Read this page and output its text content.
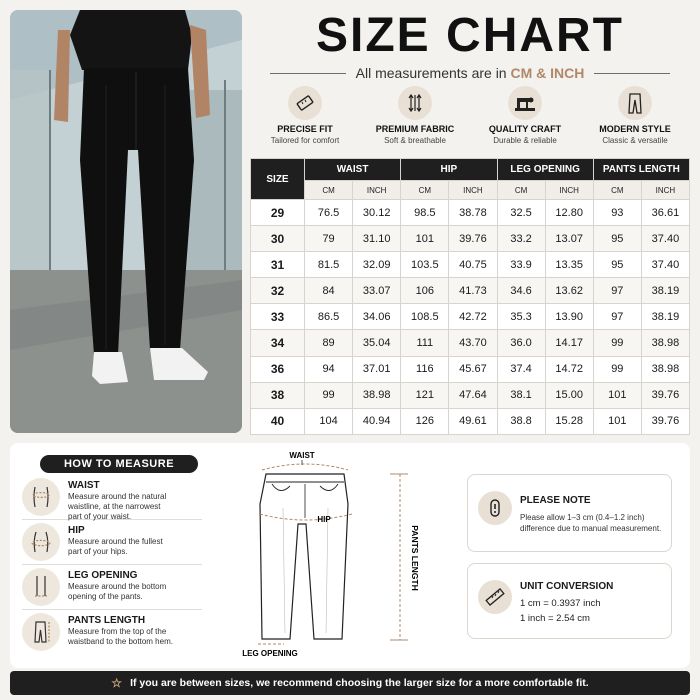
SIZE CHART
All measurements are in CM & INCH
PRECISE FIT
Tailored for comfort
PREMIUM FABRIC
Soft & breathable
QUALITY CRAFT
Durable & reliable
MODERN STYLE
Classic & versatile
SIZE	WAIST		HIP		LEG OPENING		PANTS LENGTH	
	CM	INCH	CM	INCH	CM	INCH	CM	INCH
29	76.5	30.12	98.5	38.78	32.5	12.80	93	36.61
30	79	31.10	101	39.76	33.2	13.07	95	37.40
31	81.5	32.09	103.5	40.75	33.9	13.35	95	37.40
32	84	33.07	106	41.73	34.6	13.62	97	38.19
33	86.5	34.06	108.5	42.72	35.3	13.90	97	38.19
34	89	35.04	111	43.70	36.0	14.17	99	38.98
36	94	37.01	116	45.67	37.4	14.72	99	38.98
38	99	38.98	121	47.64	38.1	15.00	101	39.76
40	104	40.94	126	49.61	38.8	15.28	101	39.76
HOW TO MEASURE
WAIST
Measure around the natural
waistline, at the narrowest
part of your waist.
HIP
Measure around the fullest
part of your hips.
LEG OPENING
Measure around the bottom
opening of the pants.
PANTS LENGTH
Measure from the top of the
waistband to the bottom hem.
WAIST
HIP
PANTS LENGTH
LEG OPENING
PLEASE NOTE
Please allow 1–3 cm (0.4–1.2 inch)
difference due to manual measurement.
UNIT CONVERSION
1 cm = 0.3937 inch
1 inch = 2.54 cm
☆ If you are between sizes, we recommend choosing the larger size for a more comfortable fit.
